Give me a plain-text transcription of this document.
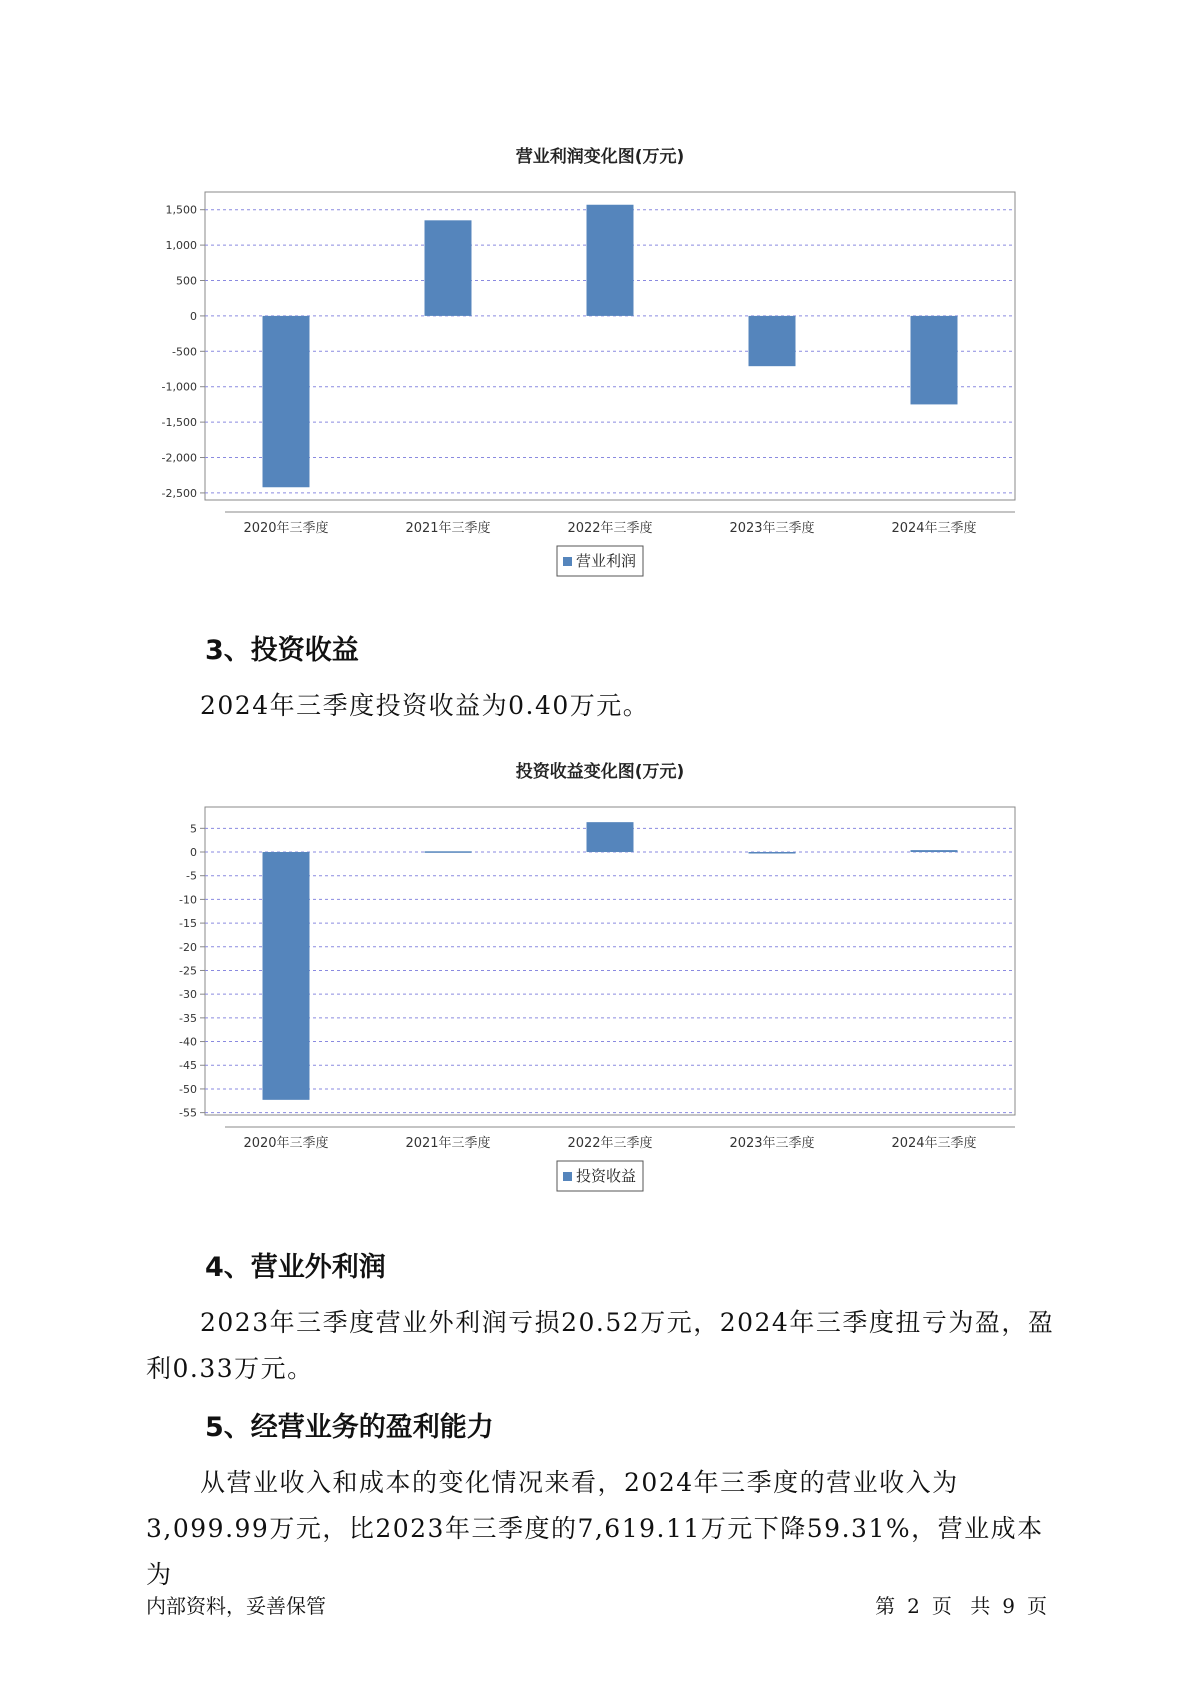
营业利润变化图(万元)
1,500
1,000
500
0
-500
-1,000
-1,500
-2,000
-2,500
2020年三季度	2021年三季度	2022年三季度	2023年三季度	2024年三季度
营业利润
3、投资收益

2024年三季度投资收益为0.40万元。

投资收益变化图(万元)
5
0
-5
-10
-15
-20
-25
-30
-35
-40
-45
-50
-55
2020年三季度	2021年三季度	2022年三季度	2023年三季度	2024年三季度
投资收益
4、营业外利润

2023年三季度营业外利润亏损20.52万元，2024年三季度扭亏为盈，盈利0.33万元。

5、经营业务的盈利能力

从营业收入和成本的变化情况来看，2024年三季度的营业收入为3,099.99万元，比2023年三季度的7,619.11万元下降59.31%，营业成本为

内部资料，妥善保管	第 2 页 共 9 页
